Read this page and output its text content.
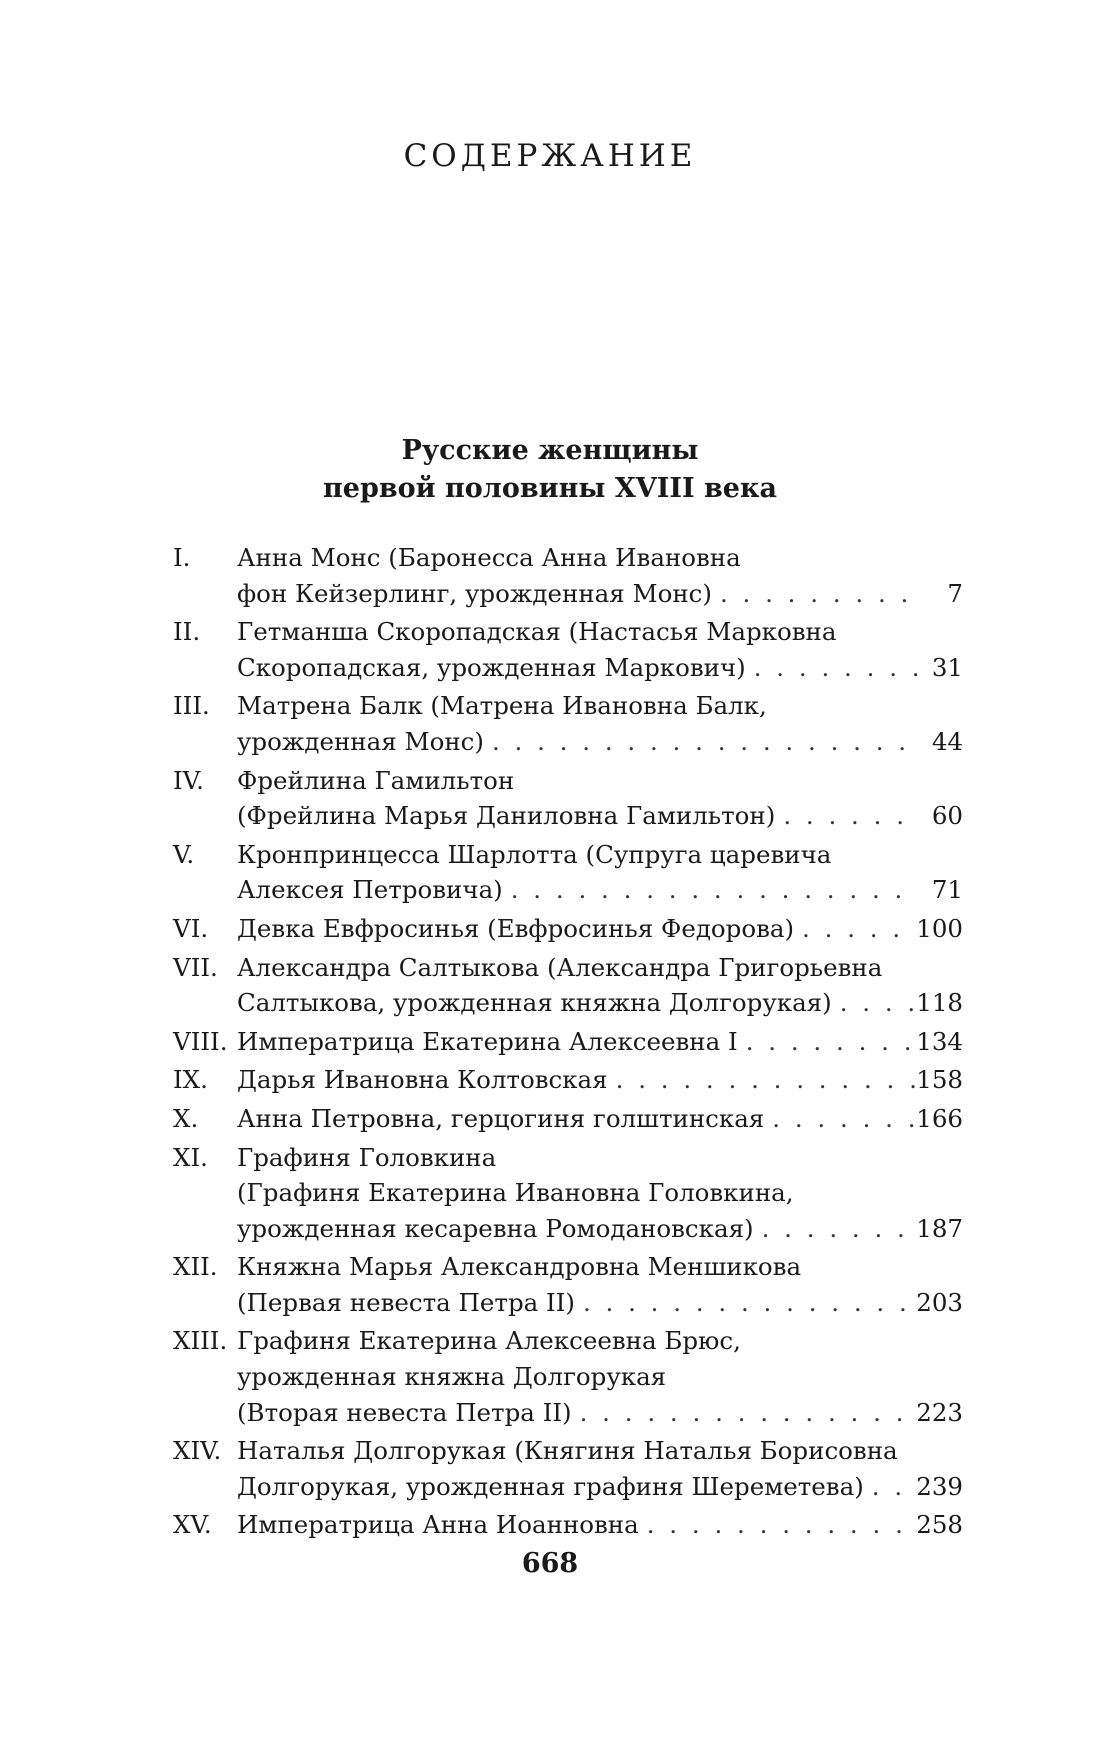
СОДЕРЖАНИЕ
Русские женщины
первой половины XVIII века
I.	Анна Монс (Баронесса Анна Ивановна
фон Кейзерлинг, урожденная Монс) . . .	7
II.	Гетманша Скоропадская (Настасья Марковна
Скоропадская, урожденная Маркович) . . .	31
III.	Матрена Балк (Матрена Ивановна Балк,
урожденная Монс) . . .	44
IV.	Фрейлина Гамильтон
(Фрейлина Марья Даниловна Гамильтон) . . .	60
V.	Кронпринцесса Шарлотта (Супруга царевича
Алексея Петровича) . . .	71
VI.	Девка Евфросинья (Евфросинья Федорова) . . .	100
VII. Александра Салтыкова (Александра Григорьевна
Салтыкова, урожденная княжна Долгорукая) . . .	118
VIII. Императрица Екатерина Алексеевна I . . .	134
IX.	Дарья Ивановна Колтовская . . .	158
X.	Анна Петровна, герцогиня голштинская . . .	166
XI.	Графиня Головкина
(Графиня Екатерина Ивановна Головкина,
урожденная кесаревна Ромодановская) . . .	187
XII. Княжна Марья Александровна Меншикова
(Первая невеста Петра II) . . .	203
XIII. Графиня Екатерина Алексеевна Брюс,
урожденная княжна Долгорукая
(Вторая невеста Петра II) . . .	223
XIV. Наталья Долгорукая (Княгиня Наталья Борисовна
Долгорукая, урожденная графиня Шереметева) . . . 239
XV.	Императрица Анна Иоанновна . . .	258
668
